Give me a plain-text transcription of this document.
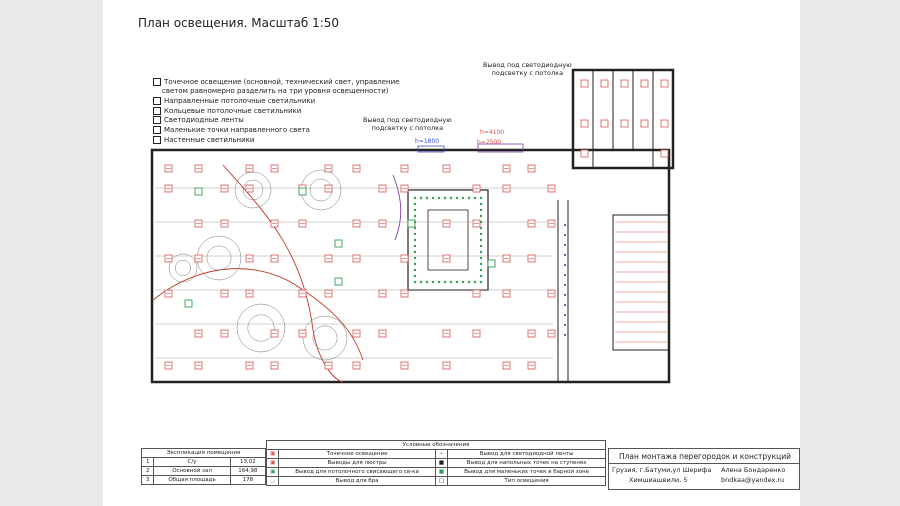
План освещения. Масштаб 1:50
Точечное освещение (основной, технический свет, управление
светом равномерно разделить на три уровня освещенности)
Направленные потолочные светильники
Кольцевые потолочные светильники
Светодиодные ленты
Маленькие точки направленного света
Настенные светильники
Вывод под светодиодную
подсветку с потолка
Вывод под светодиодную
подсветку с потолка
h=1800
h=4100
h=2500
Экспликация помещения		
1	С/у	13,02
2	Основной зал	164,98
3	Общая площадь	178
Условные обозначения			
▣	Точечное освещение	⌁	Вывод для светодиодной ленты
▣	Выводы для люстры	■	Вывод для напольных точек на ступенях
▣	Вывод для потолочного свисающего св-ка	■	Вывод для маленьких точек в барной зоне
◡	Вывод для бра	□	Тип освещения
План монтажа перегородок и конструкций
Грузия, г.Батуми,ул Шерифа
Химшиашвили, 5
Алена Бондаренко
bndkaa@yandex.ru
